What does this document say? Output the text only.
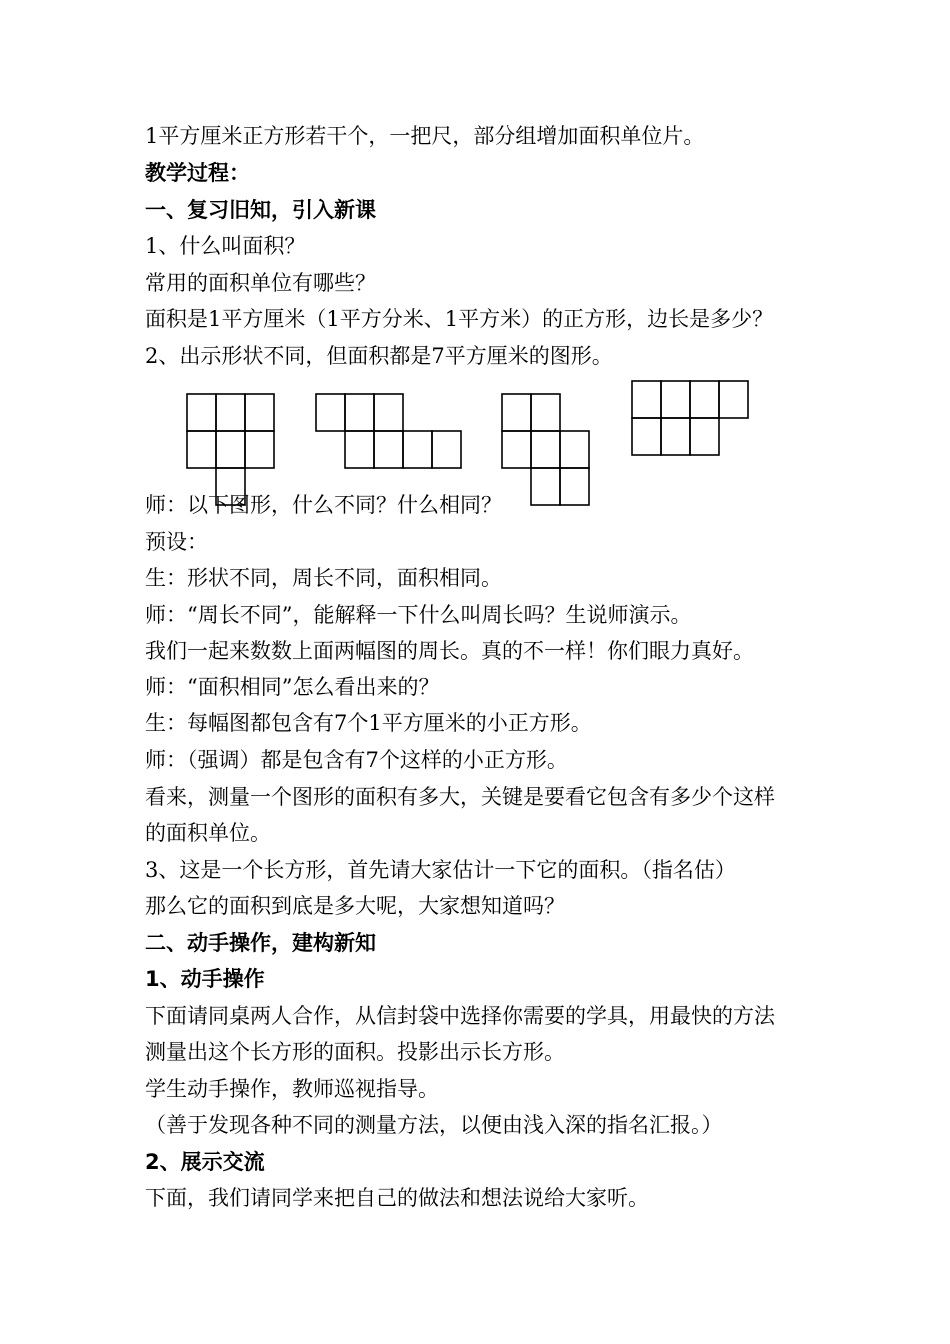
1平方厘米正方形若干个，一把尺，部分组增加面积单位片。
教学过程：
一、复习旧知，引入新课
1、什么叫面积？
常用的面积单位有哪些？
面积是1平方厘米（1平方分米、1平方米）的正方形，边长是多少？
2、出示形状不同，但面积都是7平方厘米的图形。
师：以下图形，什么不同？什么相同？
预设：
生：形状不同，周长不同，面积相同。
师：“周长不同”，能解释一下什么叫周长吗？生说师演示。
我们一起来数数上面两幅图的周长。真的不一样！你们眼力真好。
师：“面积相同”怎么看出来的？
生：每幅图都包含有7个1平方厘米的小正方形。
师：（强调）都是包含有7个这样的小正方形。
看来，测量一个图形的面积有多大，关键是要看它包含有多少个这样
的面积单位。
3、这是一个长方形，首先请大家估计一下它的面积。（指名估）
那么它的面积到底是多大呢，大家想知道吗？
二、动手操作，建构新知
1、动手操作
下面请同桌两人合作，从信封袋中选择你需要的学具，用最快的方法
测量出这个长方形的面积。投影出示长方形。
学生动手操作，教师巡视指导。
（善于发现各种不同的测量方法，以便由浅入深的指名汇报。）
2、展示交流
下面，我们请同学来把自己的做法和想法说给大家听。
